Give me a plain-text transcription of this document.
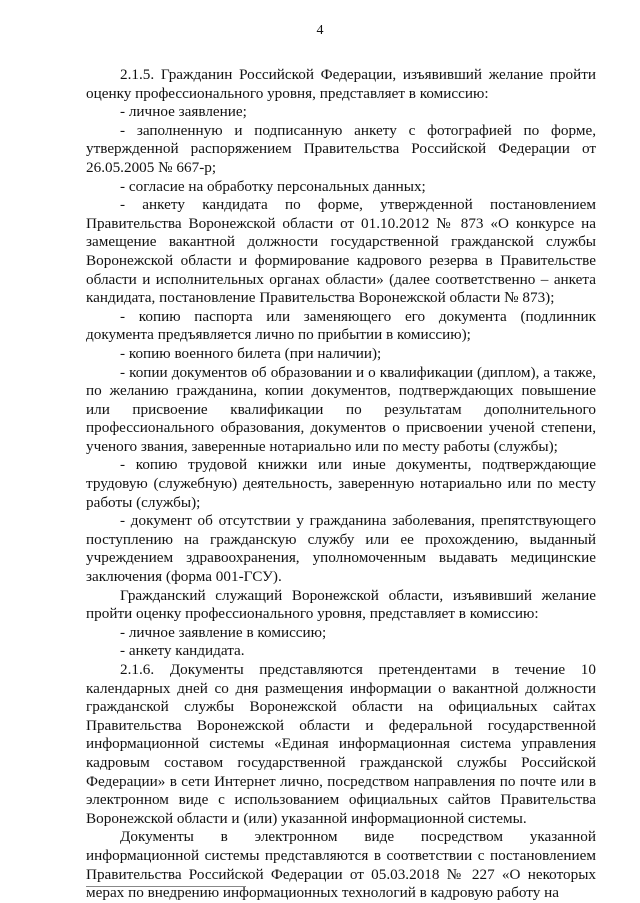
4

2.1.5. Гражданин Российской Федерации, изъявивший желание пройти оценку профессионального уровня, представляет в комиссию:

- личное заявление;

- заполненную и подписанную анкету с фотографией по форме, утвержденной распоряжением Правительства Российской Федерации от 26.05.2005 № 667-р;

- согласие на обработку персональных данных;

- анкету кандидата по форме, утвержденной постановлением Правительства Воронежской области от 01.10.2012 № 873 «О конкурсе на замещение вакантной должности государственной гражданской службы Воронежской области и формирование кадрового резерва в Правительстве области и исполнительных органах области» (далее соответственно – анкета кандидата, постановление Правительства Воронежской области № 873);

- копию паспорта или заменяющего его документа (подлинник документа предъявляется лично по прибытии в комиссию);

- копию военного билета (при наличии);

- копии документов об образовании и о квалификации (диплом), а также, по желанию гражданина, копии документов, подтверждающих повышение или присвоение квалификации по результатам дополнительного профессионального образования, документов о присвоении ученой степени, ученого звания, заверенные нотариально или по месту работы (службы);

- копию трудовой книжки или иные документы, подтверждающие трудовую (служебную) деятельность, заверенную нотариально или по месту работы (службы);

- документ об отсутствии у гражданина заболевания, препятствующего поступлению на гражданскую службу или ее прохождению, выданный учреждением здравоохранения, уполномоченным выдавать медицинские заключения (форма 001-ГСУ).

Гражданский служащий Воронежской области, изъявивший желание пройти оценку профессионального уровня, представляет в комиссию:

- личное заявление в комиссию;

- анкету кандидата.

2.1.6. Документы представляются претендентами в течение 10 календарных дней со дня размещения информации о вакантной должности гражданской службы Воронежской области на официальных сайтах Правительства Воронежской области и федеральной государственной информационной системы «Единая информационная система управления кадровым составом государственной гражданской службы Российской Федерации» в сети Интернет лично, посредством направления по почте или в электронном виде с использованием официальных сайтов Правительства Воронежской области и (или) указанной информационной системы.

Документы в электронном виде посредством указанной информационной системы представляются в соответствии с постановлением Правительства Российской Федерации от 05.03.2018 № 227 «О некоторых мерах по внедрению информационных технологий в кадровую работу на
